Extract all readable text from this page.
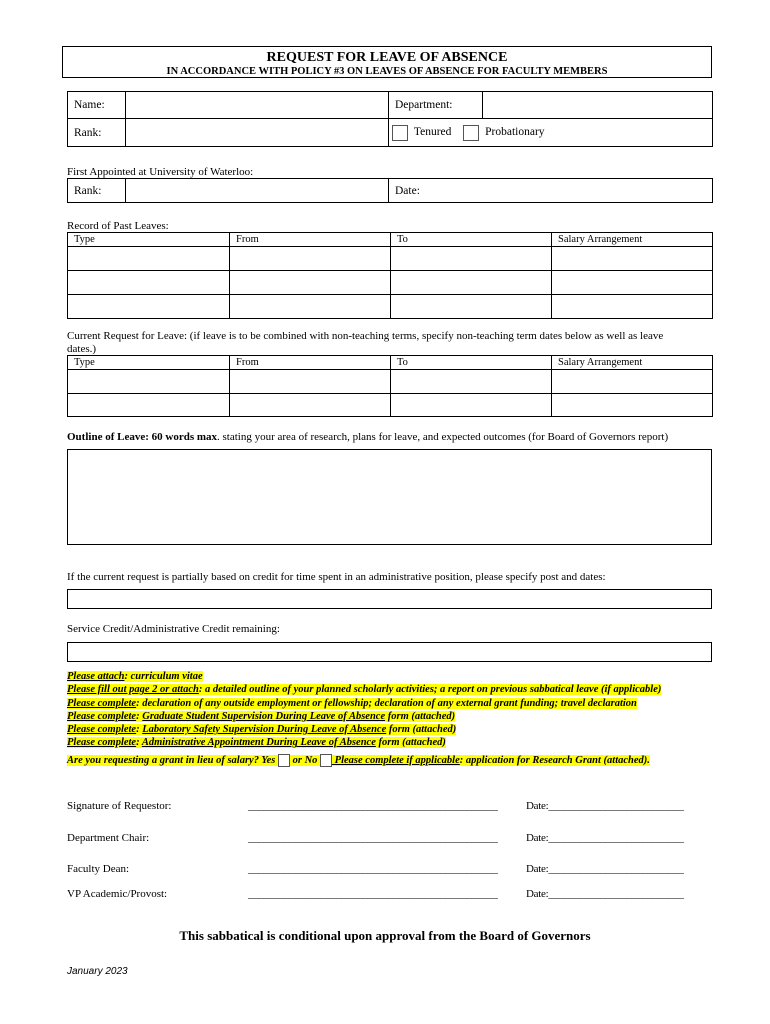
REQUEST FOR LEAVE OF ABSENCE
IN ACCORDANCE WITH POLICY #3 ON LEAVES OF ABSENCE FOR FACULTY MEMBERS
Name:		Department:	
Rank:		Tenured Probationary	
First Appointed at University of Waterloo:
Rank:		Date:
Record of Past Leaves:
Type	From	To	Salary Arrangement

Current Request for Leave: (if leave is to be combined with non-teaching terms, specify non-teaching term dates below as well as leave
dates.)
Type	From	To	Salary Arrangement

Outline of Leave: 60 words max. stating your area of research, plans for leave, and expected outcomes (for Board of Governors report)
If the current request is partially based on credit for time spent in an administrative position, please specify post and dates:
Service Credit/Administrative Credit remaining:
Please attach: curriculum vitae
Please fill out page 2 or attach: a detailed outline of your planned scholarly activities; a report on previous sabbatical leave (if applicable)
Please complete: declaration of any outside employment or fellowship; declaration of any external grant funding; travel declaration
Please complete: Graduate Student Supervision During Leave of Absence form (attached)
Please complete: Laboratory Safety Supervision During Leave of Absence form (attached)
Please complete: Administrative Appointment During Leave of Absence form (attached)
Are you requesting a grant in lieu of salary? Yes  or No  Please complete if applicable: application for Research Grant (attached).
Signature of Requestor:	________________________________________________	Date:__________________________
Department Chair:	________________________________________________	Date:__________________________
Faculty Dean:	________________________________________________	Date:__________________________
VP Academic/Provost:	________________________________________________	Date:__________________________
This sabbatical is conditional upon approval from the Board of Governors
January 2023
